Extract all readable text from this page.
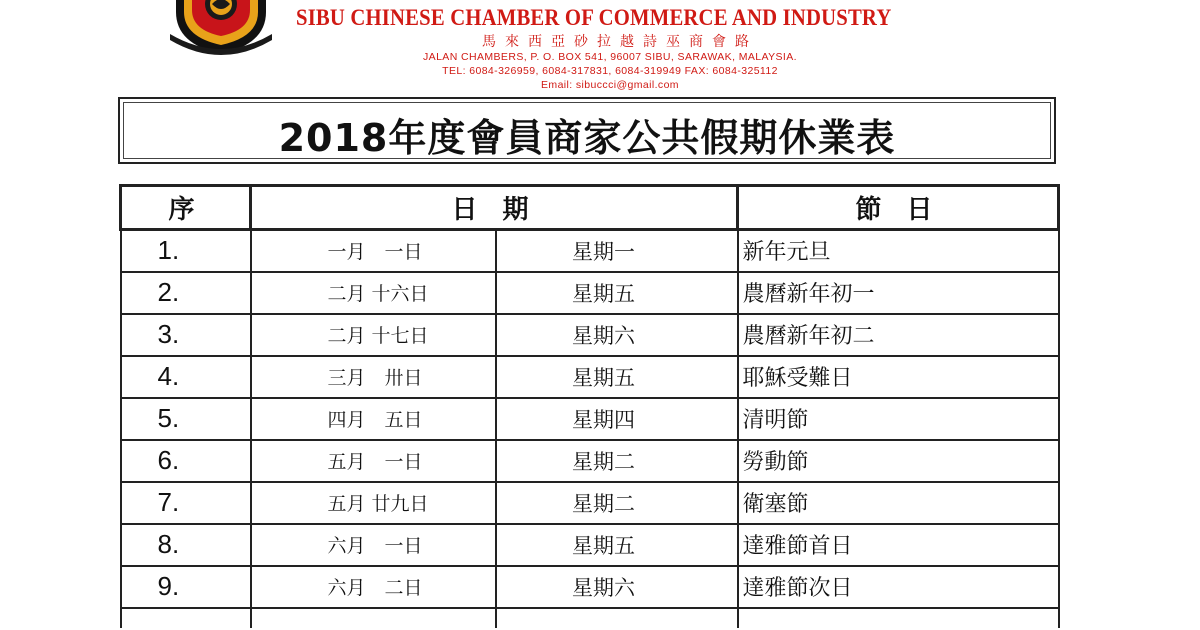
SIBU CHINESE CHAMBER OF COMMERCE AND INDUSTRY
馬來西亞砂拉越詩巫商會路
JALAN CHAMBERS, P. O. BOX 541, 96007 SIBU, SARAWAK, MALAYSIA.
TEL: 6084-326959, 6084-317831, 6084-319949 FAX: 6084-325112
Email: sibuccci@gmail.com
2018年度會員商家公共假期休業表
序	日 期		節 日
1.	一月　一日	星期一	新年元旦
2.	二月 十六日	星期五	農曆新年初一
3.	二月 十七日	星期六	農曆新年初二
4.	三月　卅日	星期五	耶穌受難日
5.	四月　五日	星期四	清明節
6.	五月　一日	星期二	勞動節
7.	五月 廿九日	星期二	衛塞節
8.	六月　一日	星期五	達雅節首日
9.	六月　二日	星期六	達雅節次日
